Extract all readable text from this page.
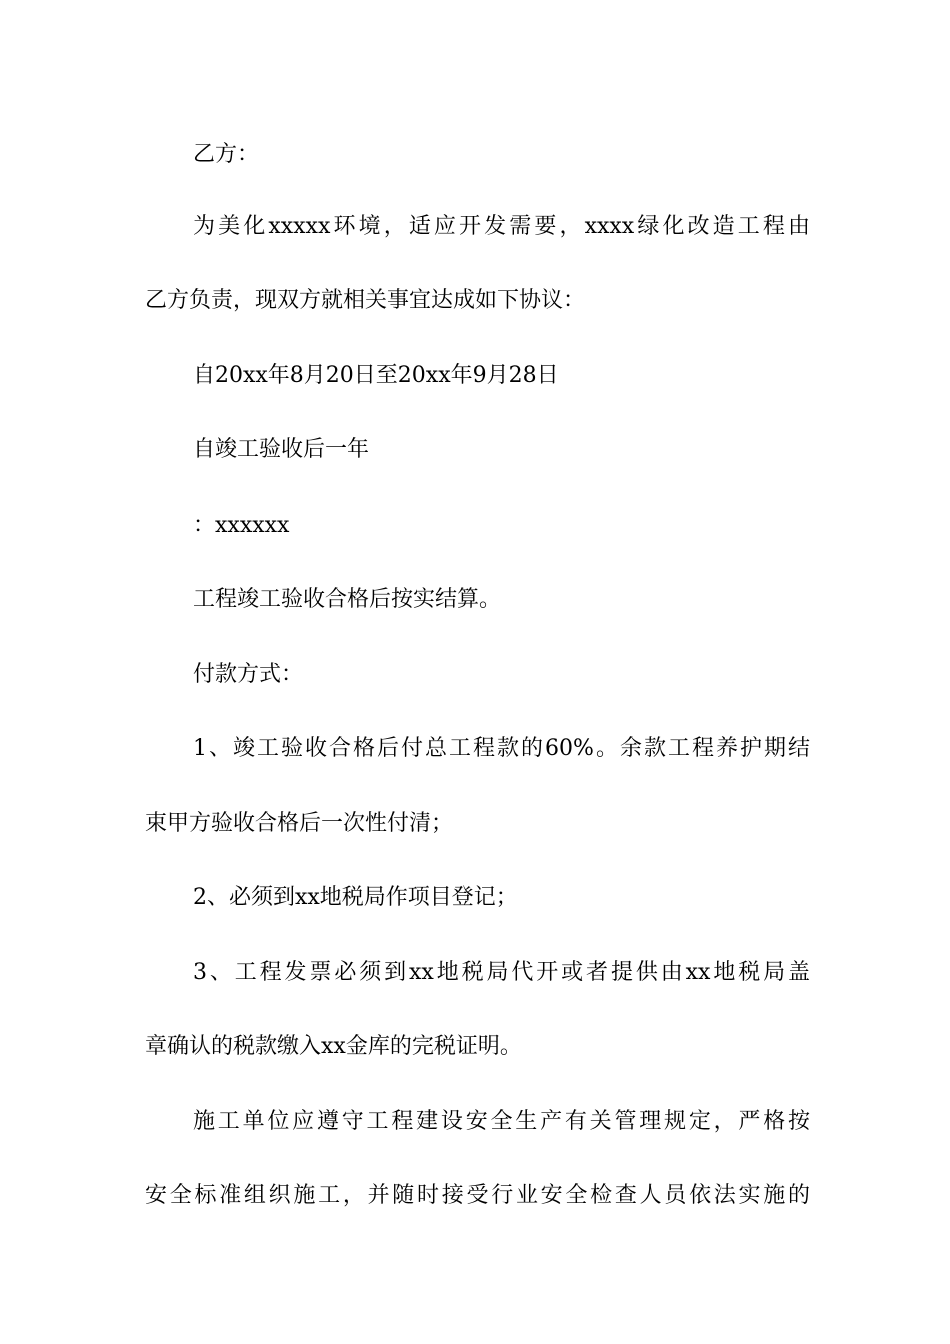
乙方：
为美化xxxxx环境，适应开发需要，xxxx绿化改造工程由
乙方负责，现双方就相关事宜达成如下协议：
自20xx年8月20日至20xx年9月28日
自竣工验收后一年
：xxxxxx
工程竣工验收合格后按实结算。
付款方式：
1、竣工验收合格后付总工程款的60%。余款工程养护期结
束甲方验收合格后一次性付清；
2、必须到xx地税局作项目登记；
3、工程发票必须到xx地税局代开或者提供由xx地税局盖
章确认的税款缴入xx金库的完税证明。
施工单位应遵守工程建设安全生产有关管理规定，严格按
安全标准组织施工，并随时接受行业安全检查人员依法实施的
